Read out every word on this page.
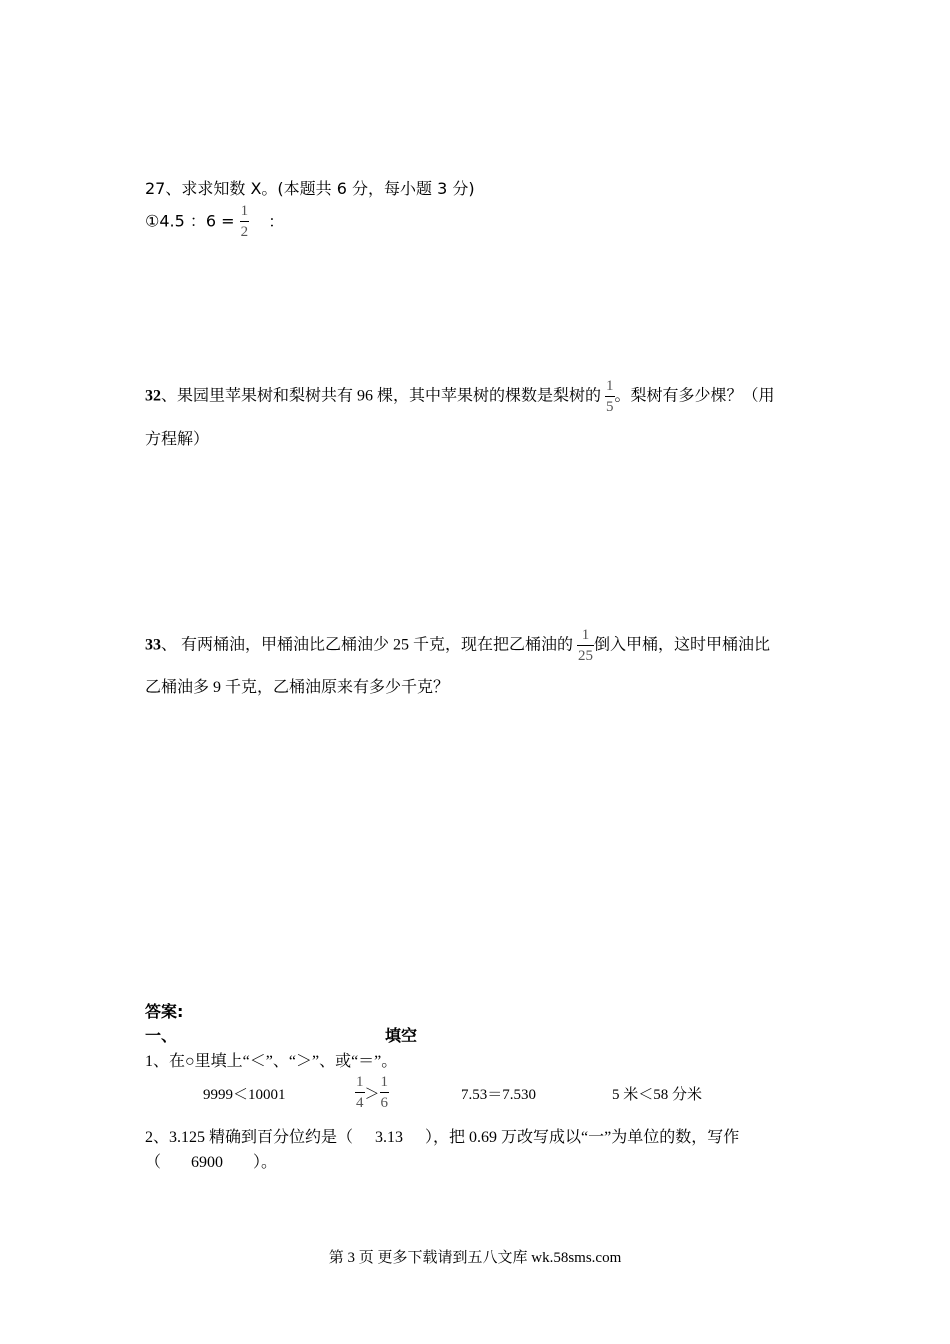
27、求求知数 X。(本题共 6 分，每小题 3 分)
①4.5 ：$6 = \frac{1}{2}$ ：
32、果园里苹果树和梨树共有 96 棵，其中苹果树的棵数是梨树的 $\frac{1}{5}$ 。梨树有多少棵？（用
方程解）
33、 有两桶油，甲桶油比乙桶油少 25 千克，现在把乙桶油的 $\frac{1}{25}$ 倒入甲桶，这时甲桶油比
乙桶油多 9 千克，乙桶油原来有多少千克？
答案:
一、	填空
1、在○里填上“＜”、“＞”、或“＝”。
9999＜10001	$\frac{1}{4} > \frac{1}{6}$	7.53＝7.530	5 米＜58 分米
2、3.125 精确到百分位约是（ 3.13 ），把 0.69 万改写成以“一”为单位的数，写作
（ 6900 ）。
第 3 页 更多下载请到五八文库 wk.58sms.com
